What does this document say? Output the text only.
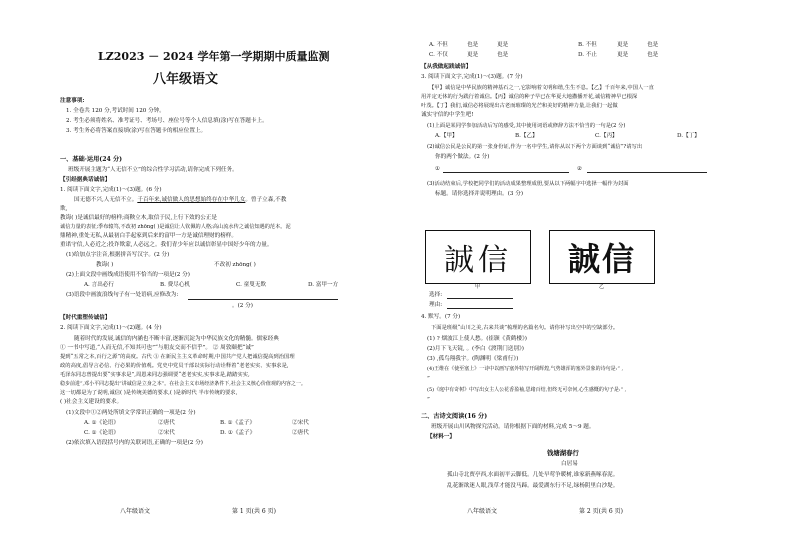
LZ2023 － 2024 学年第一学期期中质量监测
八年级语文
注意事项:
1. 全卷共 120 分,考试时间 120 分钟。
2. 考生必须将姓名、准考证号、考场号、座位号等个人信息填(涂)写在答题卡上。
3. 考生务必将答案直接填(涂)写在答题卡的相应位置上。
一、基础·运用(24 分)
班级开展主题为“人无信不立”的综合性学习活动,请你完成下列任务。
【引经据典话诚信】
1. 阅读下面文字,完成(1)～(3)题。(6 分)
国无德不兴,人无信不立。千百年来,诚信做人的思想始终存在中华儿女。曾子立森,不教
欺,
教诲( )是诚信最好的榜样;商鞅立木,取信于民,上行下效的公正是
诚信力量的表征;季布辕笃,不改初 zhōng( )是诚信让人钦佩的人格;高山流水传之诚信知遇的范本。泥
鼎精神,重处无私,从最初白手起家到后来的富甲一方是诚信理财的榜样。
重诺守信,人必近之;投诈欺蒙,人必远之。我们青少年应以诚信彰显中国好少年的力量。
(1)给加点字注音,根据拼音写汉字。(2 分)
教诲( )	不改初 zhōng( )
(2)上面文段中画线成语使用不恰当的一项是(2 分)
A. 言出必行	B. 费尽心机	C. 童叟无欺	D. 富甲一方
(3)语段中画波浪线句子有一处语病,应修改为:
。(2 分)
【时代重塑传诚信】
2. 阅读下面文字,完成(1)～(2)题。(4 分)
随着时代的发展,诚信的内涵也不断丰富,逐渐沉淀为中华民族文化的精髓。儒家经典
① 一书中写道,“人而无信,不知其可也”“与朋友交而不信乎”。 ② 周敦颐把“诚”
提到“五常之本,百行之源”的高度。古代 ③ 在新民主主义革命时期,中国共产党人把诚信提高到治国理
政的高度,倡导言必信、行必果的价值观。党史中党员干部以实际行动诠释着“老老实实、实事求是,
毛泽东同志曾提出要“实事求是”,周恩来同志强调要“老老实实,实事求是,踏踏实实,
稳步前进”,邓小平同志提出“讲诚信是立身之本”。在社会主义市场经济条件下,社会主义核心价值观的内容之一。
这一切都是为了说明,诚信( )是传统美德的要求,( )是新时代 半市传统的要求,
( )社会主义建设的要求。
(1)文段中①②两处所填文学常识正确的一项是(2 分)
A. ①《论语》	②唐代	B. ①《孟子》	②宋代
C. ①《论语》	②宋代	D. ①《孟子》	②唐代
(2)依次填入语段括号内的关联词语,正确的一项是(2 分)
八年级语文	第 1 页(共 6 页)
A. 不但	也是	更是	B. 不但	更是	也是
C. 不仅	更是	也是	D. 不止	更是	也是
【从我做起践诚信】
3. 阅读下面文字,完成(1)～(3)题。(7 分)
【甲】诚信是中华民族的精神基石之一,它影响着文明和谐,生生不息。【乙】千百年来,中国人一直
用并定无休的行为践行着诚信。【丙】诚信的种子早已在华夏大地撒播开花,诚信精神早已根深
叶茂。【丁】我们,诚信必将展现出古老而璀璨的光芒和美好的精神力量,让我们一起做
诚实守信的中学生吧!
(1)上面是某同学参加活动后写的感受,其中使用词语或修辞方法不恰当的一句是(2 分)
A.【甲】	B.【乙】	C.【丙】	D.【丁】
(2)诚信公民是公民的第一张身份证,作为一名中学生,请你从以下两个方面谈到“诚信”?请写出
你的两个做法。(2 分)
①	②
(3)活动结束后,学校把同学们的活动成果整理成册,要从以下两幅字中选择一幅作为封面
标题。请你选择并说明理由。(3 分)
誠信 誠信
甲	乙
选择:
理由:
4. 默写。(7 分)
下面是班级“山川之美,古来共谈”梳理的名篇名句。请你补写出空中的空缺部分。
(1) ? 烟波江上使人愁。(崔颢《黄鹤楼》)
(2)月下飞天镜, 。(李白《渡荆门送别》)
(3) ,孤鸟翔我宇。(陶渊明《梁甫行》)
(4)王维在《使至塞上》一诗中以画写塞外特写开阔辉煌,气势雄浑的塞外景象的诗句是:“ ,
”
(5)《庭中有奇树》中写出女主人公花香盈袖,思绪百结,但终无可奈何,心生感慨的句子是:“ ,
”
二、古诗文阅读(16 分)
班级开展山川风物探究活动。请你根据下面的材料,完成 5～9 题。
【材料一】
钱塘湖春行
白居易
孤山寺北贾亭西,水面初平云脚低。几处早莺争暖树,谁家新燕啄春泥。
乱花渐欲迷人眼,浅草才能没马蹄。最爱湖东行不足,绿杨阴里白沙堤。
八年级语文	第 2 页(共 6 页)
